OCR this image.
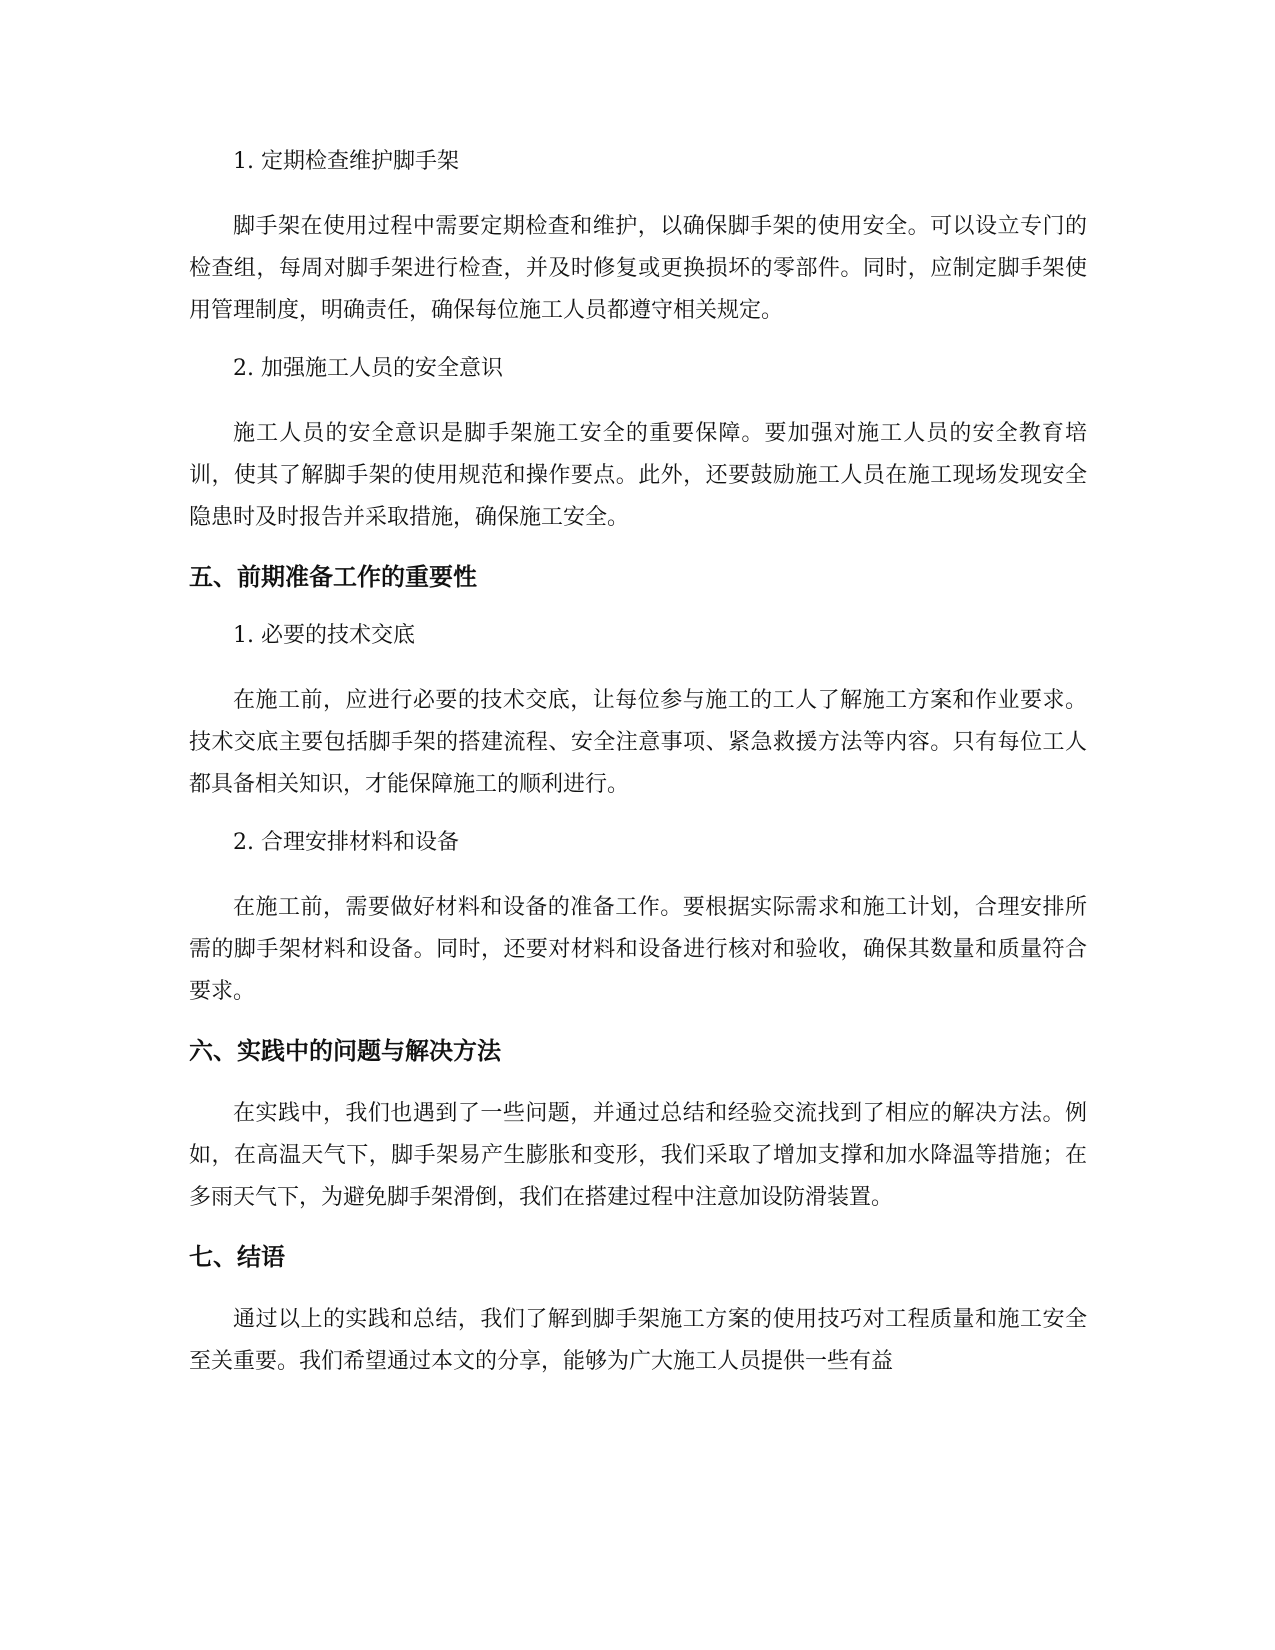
1. 定期检查维护脚手架
脚手架在使用过程中需要定期检查和维护，以确保脚手架的使用安全。可以设立专门的检查组，每周对脚手架进行检查，并及时修复或更换损坏的零部件。同时，应制定脚手架使用管理制度，明确责任，确保每位施工人员都遵守相关规定。
2. 加强施工人员的安全意识
施工人员的安全意识是脚手架施工安全的重要保障。要加强对施工人员的安全教育培训，使其了解脚手架的使用规范和操作要点。此外，还要鼓励施工人员在施工现场发现安全隐患时及时报告并采取措施，确保施工安全。
五、前期准备工作的重要性
1. 必要的技术交底
在施工前，应进行必要的技术交底，让每位参与施工的工人了解施工方案和作业要求。技术交底主要包括脚手架的搭建流程、安全注意事项、紧急救援方法等内容。只有每位工人都具备相关知识，才能保障施工的顺利进行。
2. 合理安排材料和设备
在施工前，需要做好材料和设备的准备工作。要根据实际需求和施工计划，合理安排所需的脚手架材料和设备。同时，还要对材料和设备进行核对和验收，确保其数量和质量符合要求。
六、实践中的问题与解决方法
在实践中，我们也遇到了一些问题，并通过总结和经验交流找到了相应的解决方法。例如，在高温天气下，脚手架易产生膨胀和变形，我们采取了增加支撑和加水降温等措施；在多雨天气下，为避免脚手架滑倒，我们在搭建过程中注意加设防滑装置。
七、结语
通过以上的实践和总结，我们了解到脚手架施工方案的使用技巧对工程质量和施工安全至关重要。我们希望通过本文的分享，能够为广大施工人员提供一些有益
